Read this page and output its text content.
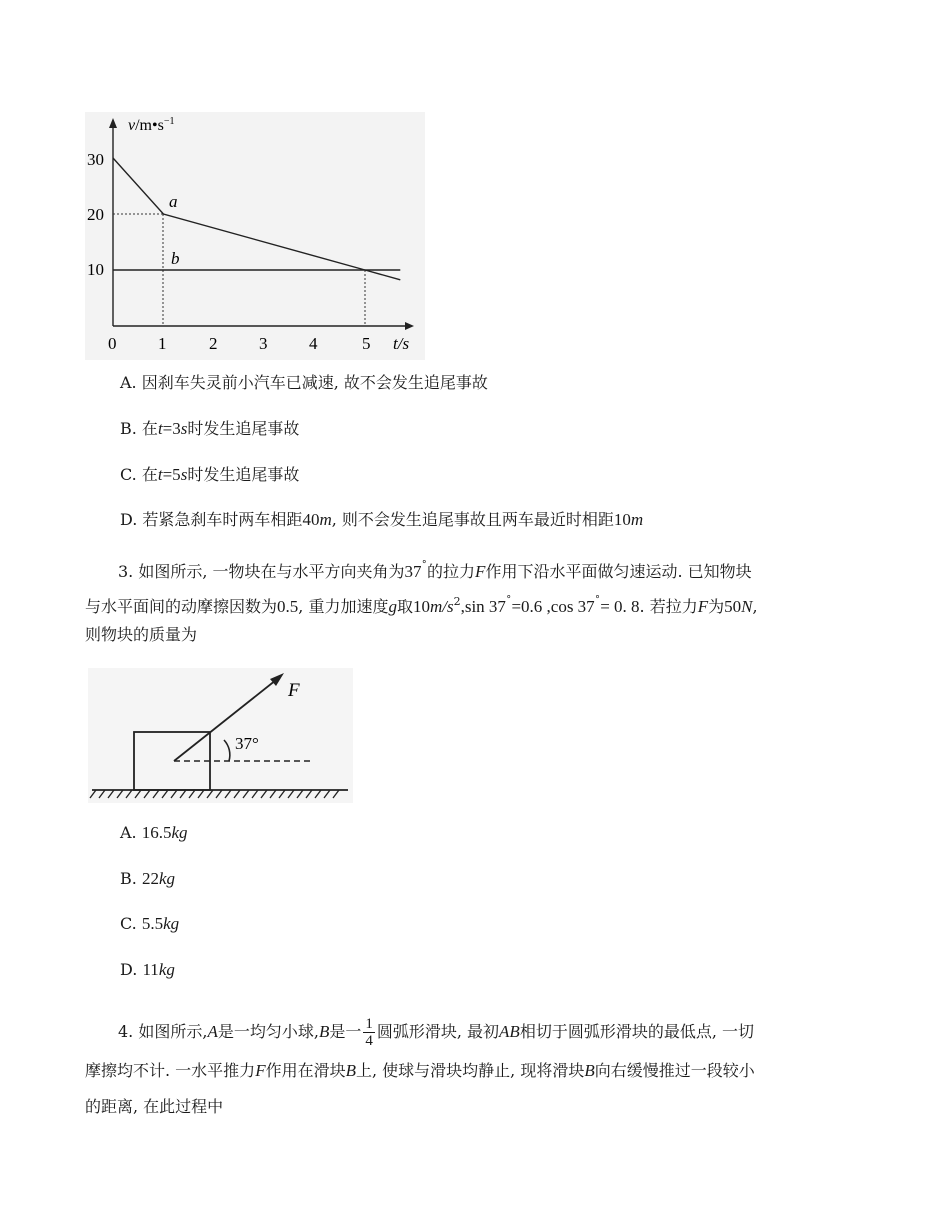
$v/m•s^{-1}$
30
20
10
0 1	2 3 4	5 t/s
a
b
A. 因刹车失灵前小汽车已减速, 故不会发生追尾事故
B. 在t=3s时发生追尾事故
C. 在t=5s时发生追尾事故
D. 若紧急刹车时两车相距40m, 则不会发生追尾事故且两车最近时相距10m
3. 如图所示, 一物块在与水平方向夹角为37˚的拉力F作用下沿水平面做匀速运动. 已知物块
与水平面间的动摩擦因数为0.5, 重力加速度g取$10m/s^2,\sin$ 37˚=0.6 ,cos 37˚= 0. 8. 若拉力F为50N,
则物块的质量为
F
37°
A. 16.5kg
B. 22kg
C. 5.5kg
D. 11kg
4. 如图所示,A是一均匀小球,B是一 $\frac{1}{4}$ 圆弧形滑块, 最初AB相切于圆弧形滑块的最低点, 一切
摩擦均不计. 一水平推力F作用在滑块B上, 使球与滑块均静止, 现将滑块B向右缓慢推过一段较小
的距离, 在此过程中
